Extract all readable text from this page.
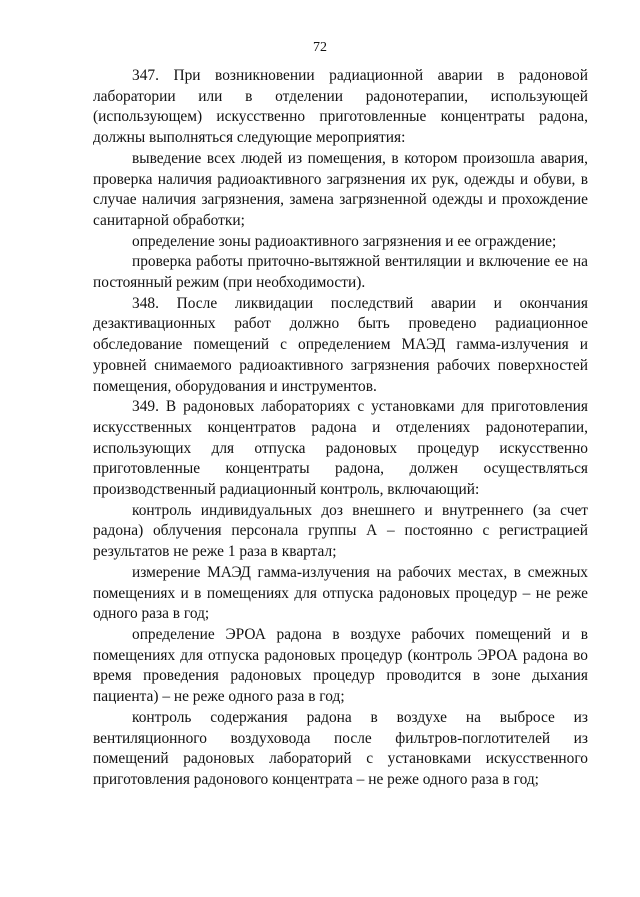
72

347. При возникновении радиационной аварии в радоновой лаборатории или в отделении радонотерапии, использующей (использующем) искусственно приготовленные концентраты радона, должны выполняться следующие мероприятия:

выведение всех людей из помещения, в котором произошла авария, проверка наличия радиоактивного загрязнения их рук, одежды и обуви, в случае наличия загрязнения, замена загрязненной одежды и прохождение санитарной обработки;

определение зоны радиоактивного загрязнения и ее ограждение;

проверка работы приточно-вытяжной вентиляции и включение ее на постоянный режим (при необходимости).

348. После ликвидации последствий аварии и окончания дезактивационных работ должно быть проведено радиационное обследование помещений с определением МАЭД гамма-излучения и уровней снимаемого радиоактивного загрязнения рабочих поверхностей помещения, оборудования и инструментов.

349. В радоновых лабораториях с установками для приготовления искусственных концентратов радона и отделениях радонотерапии, использующих для отпуска радоновых процедур искусственно приготовленные концентраты радона, должен осуществляться производственный радиационный контроль, включающий:

контроль индивидуальных доз внешнего и внутреннего (за счет радона) облучения персонала группы А – постоянно с регистрацией результатов не реже 1 раза в квартал;

измерение МАЭД гамма-излучения на рабочих местах, в смежных помещениях и в помещениях для отпуска радоновых процедур – не реже одного раза в год;

определение ЭРОА радона в воздухе рабочих помещений и в помещениях для отпуска радоновых процедур (контроль ЭРОА радона во время проведения радоновых процедур проводится в зоне дыхания пациента) – не реже одного раза в год;

контроль содержания радона в воздухе на выбросе из вентиляционного воздуховода после фильтров-поглотителей из помещений радоновых лабораторий с установками искусственного приготовления радонового концентрата – не реже одного раза в год;
